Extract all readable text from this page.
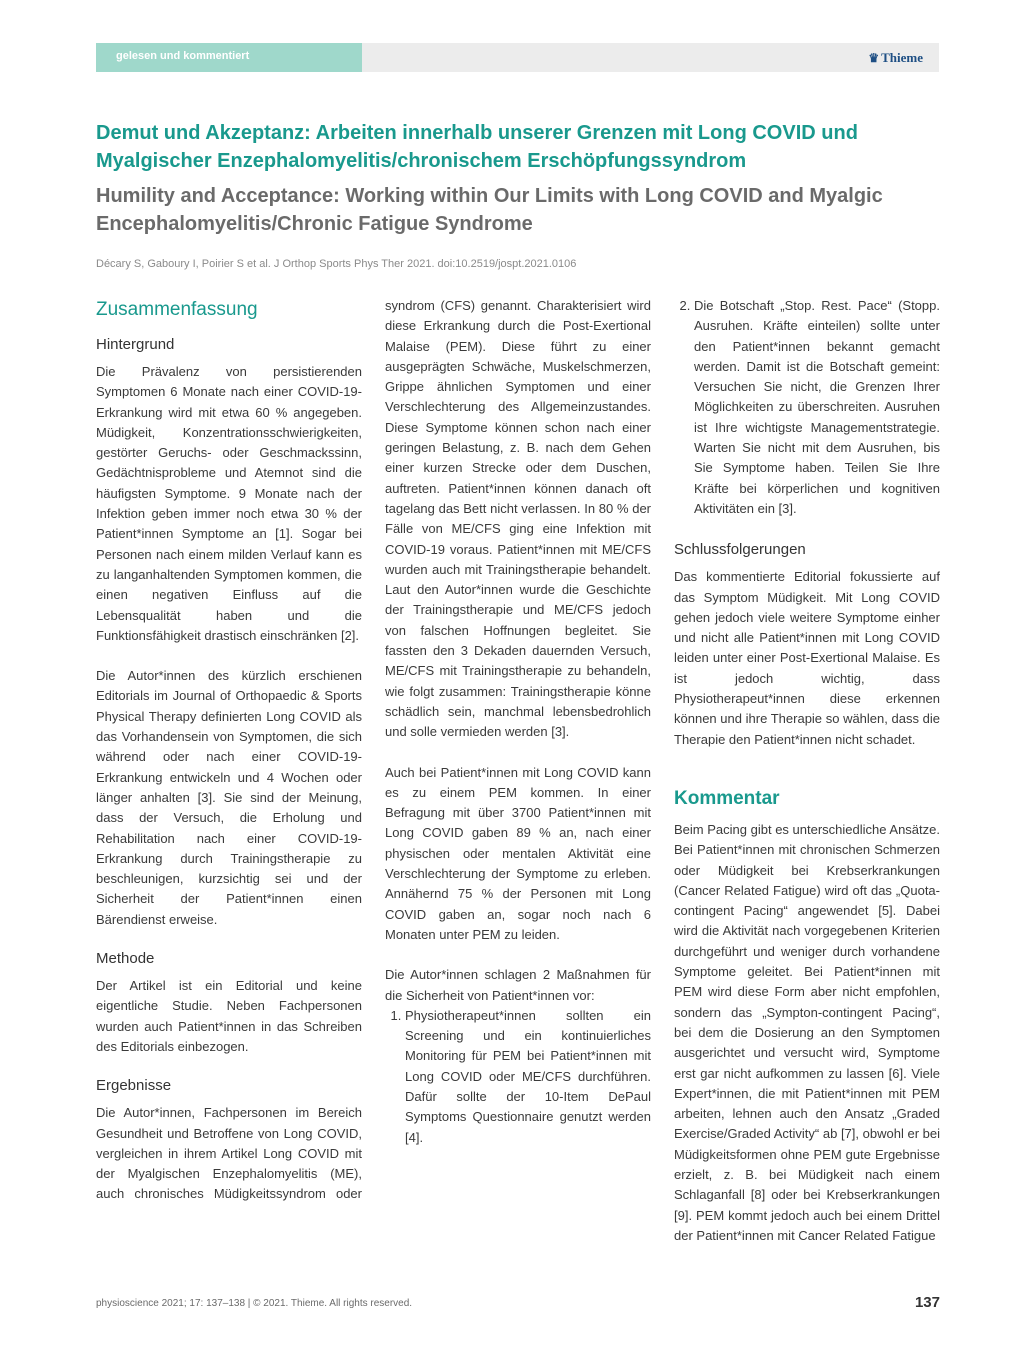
gelesen und kommentiert	♛ Thieme
Demut und Akzeptanz: Arbeiten innerhalb unserer Grenzen mit Long COVID und Myalgischer Enzephalomyelitis/chronischem Erschöpfungssyndrom
Humility and Acceptance: Working within Our Limits with Long COVID and Myalgic Encephalomyelitis/Chronic Fatigue Syndrome
Décary S, Gaboury I, Poirier S et al. J Orthop Sports Phys Ther 2021. doi:10.2519/jospt.2021.0106
Zusammenfassung
Hintergrund

Die Prävalenz von persistierenden Symptomen 6 Monate nach einer COVID-19-Erkrankung wird mit etwa 60 % angegeben. Müdigkeit, Konzentrationsschwierigkeiten, gestörter Geruchs- oder Geschmackssinn, Gedächtnisprobleme und Atemnot sind die häufigsten Symptome. 9 Monate nach der Infektion geben immer noch etwa 30 % der Patient*innen Symptome an [1]. Sogar bei Personen nach einem milden Verlauf kann es zu langanhaltenden Symptomen kommen, die einen negativen Einfluss auf die Lebensqualität haben und die Funktionsfähigkeit drastisch einschränken [2].

Die Autor*innen des kürzlich erschienen Editorials im Journal of Orthopaedic & Sports Physical Therapy definierten Long COVID als das Vorhandensein von Symptomen, die sich während oder nach einer COVID-19-Erkrankung entwickeln und 4 Wochen oder länger anhalten [3]. Sie sind der Meinung, dass der Versuch, die Erholung und Rehabilitation nach einer COVID-19-Erkrankung durch Trainingstherapie zu beschleunigen, kurzsichtig sei und der Sicherheit der Patient*innen einen Bärendienst erweise.

Methode

Der Artikel ist ein Editorial und keine eigentliche Studie. Neben Fachpersonen wurden auch Patient*innen in das Schreiben des Editorials einbezogen.

Ergebnisse

Die Autor*innen, Fachpersonen im Bereich Gesundheit und Betroffene von Long COVID, vergleichen in ihrem Artikel Long COVID mit der Myalgischen Enzephalomyelitis (ME), auch chronisches Müdigkeitssyndrom oder

syndrom (CFS) genannt. Charakterisiert wird diese Erkrankung durch die Post-Exertional Malaise (PEM). Diese führt zu einer ausgeprägten Schwäche, Muskelschmerzen, Grippe ähnlichen Symptomen und einer Verschlechterung des Allgemeinzustandes. Diese Symptome können schon nach einer geringen Belastung, z. B. nach dem Gehen einer kurzen Strecke oder dem Duschen, auftreten. Patient*innen können danach oft tagelang das Bett nicht verlassen. In 80 % der Fälle von ME/CFS ging eine Infektion mit COVID-19 voraus. Patient*innen mit ME/CFS wurden auch mit Trainingstherapie behandelt. Laut den Autor*innen wurde die Geschichte der Trainingstherapie und ME/CFS jedoch von falschen Hoffnungen begleitet. Sie fassten den 3 Dekaden dauernden Versuch, ME/CFS mit Trainingstherapie zu behandeln, wie folgt zusammen: Trainingstherapie könne schädlich sein, manchmal lebensbedrohlich und solle vermieden werden [3].

Auch bei Patient*innen mit Long COVID kann es zu einem PEM kommen. In einer Befragung mit über 3700 Patient*innen mit Long COVID gaben 89 % an, nach einer physischen oder mentalen Aktivität eine Verschlechterung der Symptome zu erleben. Annähernd 75 % der Personen mit Long COVID gaben an, sogar noch nach 6 Monaten unter PEM zu leiden.

Die Autor*innen schlagen 2 Maßnahmen für die Sicherheit von Patient*innen vor:

1. Physiotherapeut*innen sollten ein Screening und ein kontinuierliches Monitoring für PEM bei Patient*innen mit Long COVID oder ME/CFS durchführen. Dafür sollte der 10-Item DePaul Symptoms Questionnaire genutzt werden [4].
2. Die Botschaft „Stop. Rest. Pace“ (Stopp. Ausruhen. Kräfte einteilen) sollte unter den Patient*innen bekannt gemacht werden. Damit ist die Botschaft gemeint: Versuchen Sie nicht, die Grenzen Ihrer Möglichkeiten zu überschreiten. Ausruhen ist Ihre wichtigste Managementstrategie. Warten Sie nicht mit dem Ausruhen, bis Sie Symptome haben. Teilen Sie Ihre Kräfte bei körperlichen und kognitiven Aktivitäten ein [3].
Schlussfolgerungen

Das kommentierte Editorial fokussierte auf das Symptom Müdigkeit. Mit Long COVID gehen jedoch viele weitere Symptome einher und nicht alle Patient*innen mit Long COVID leiden unter einer Post-Exertional Malaise. Es ist jedoch wichtig, dass Physiotherapeut*innen diese erkennen können und ihre Therapie so wählen, dass die Therapie den Patient*innen nicht schadet.

Kommentar

Beim Pacing gibt es unterschiedliche Ansätze. Bei Patient*innen mit chronischen Schmerzen oder Müdigkeit bei Krebserkrankungen (Cancer Related Fatigue) wird oft das „Quota-contingent Pacing“ angewendet [5]. Dabei wird die Aktivität nach vorgegebenen Kriterien durchgeführt und weniger durch vorhandene Symptome geleitet. Bei Patient*innen mit PEM wird diese Form aber nicht empfohlen, sondern das „Sympton-contingent Pacing“, bei dem die Dosierung an den Symptomen ausgerichtet und versucht wird, Symptome erst gar nicht aufkommen zu lassen [6]. Viele Expert*innen, die mit Patient*innen mit PEM arbeiten, lehnen auch den Ansatz „Graded Exercise/Graded Activity“ ab [7], obwohl er bei Müdigkeitsformen ohne PEM gute Ergebnisse erzielt, z. B. bei Müdigkeit nach einem Schlaganfall [8] oder bei Krebserkrankungen [9]. PEM kommt jedoch auch bei einem Drittel der Patient*innen mit Cancer Related Fatigue

physioscience 2021; 17: 137–138 | © 2021. Thieme. All rights reserved.	137
